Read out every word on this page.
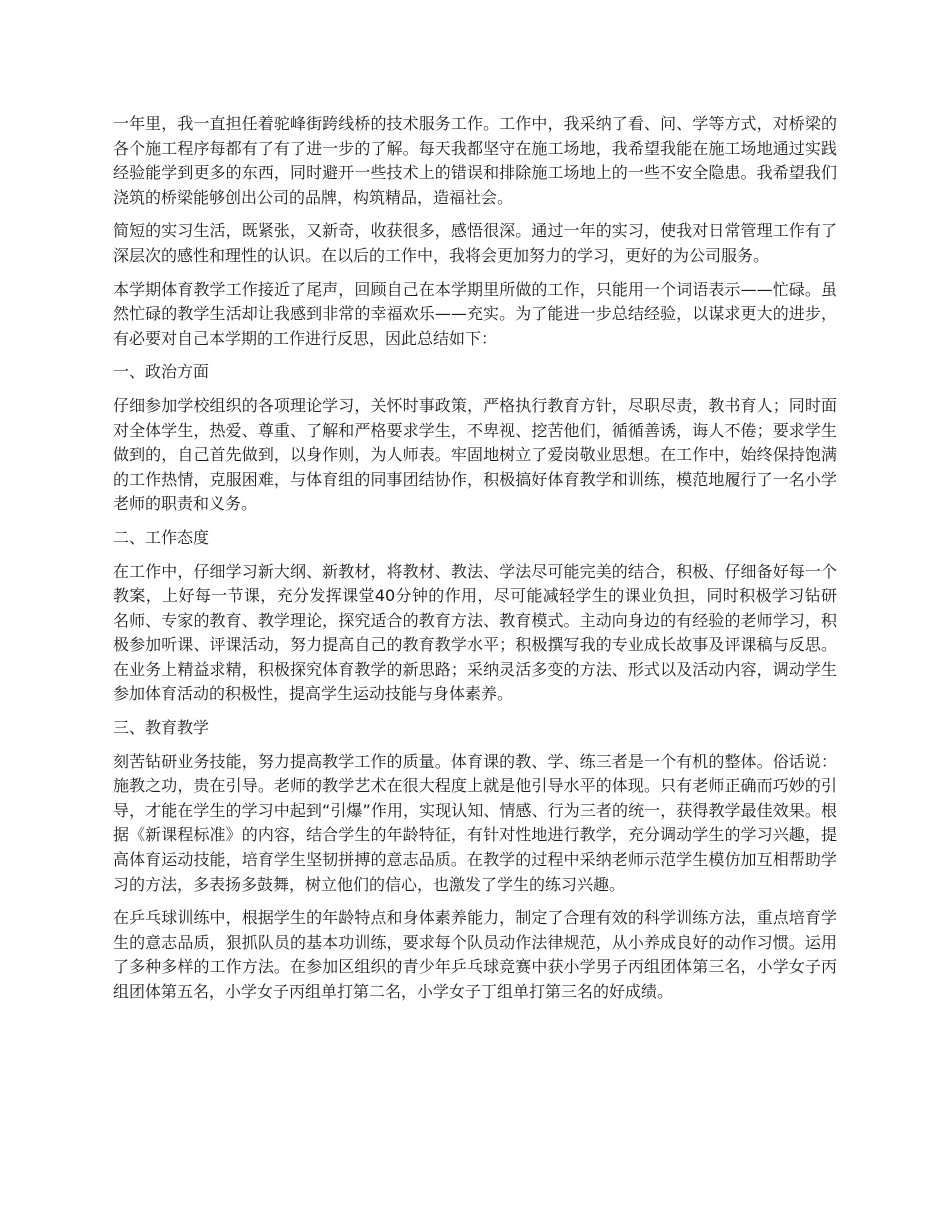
一年里，我一直担任着驼峰街跨线桥的技术服务工作。工作中，我采纳了看、问、学等方式，对桥梁的各个施工程序每都有了有了进一步的了解。每天我都坚守在施工场地，我希望我能在施工场地通过实践经验能学到更多的东西，同时避开一些技术上的错误和排除施工场地上的一些不安全隐患。我希望我们浇筑的桥梁能够创出公司的品牌，构筑精品，造福社会。

简短的实习生活，既紧张，又新奇，收获很多，感悟很深。通过一年的实习，使我对日常管理工作有了深层次的感性和理性的认识。在以后的工作中，我将会更加努力的学习，更好的为公司服务。

本学期体育教学工作接近了尾声，回顾自己在本学期里所做的工作，只能用一个词语表示——忙碌。虽然忙碌的教学生活却让我感到非常的幸福欢乐——充实。为了能进一步总结经验，以谋求更大的进步，有必要对自己本学期的工作进行反思，因此总结如下：

一、政治方面

仔细参加学校组织的各项理论学习，关怀时事政策，严格执行教育方针，尽职尽责，教书育人；同时面对全体学生，热爱、尊重、了解和严格要求学生，不卑视、挖苦他们，循循善诱，诲人不倦；要求学生做到的，自己首先做到，以身作则，为人师表。牢固地树立了爱岗敬业思想。在工作中，始终保持饱满的工作热情，克服困难，与体育组的同事团结协作，积极搞好体育教学和训练，模范地履行了一名小学老师的职责和义务。

二、工作态度

在工作中，仔细学习新大纲、新教材，将教材、教法、学法尽可能完美的结合，积极、仔细备好每一个教案，上好每一节课，充分发挥课堂40分钟的作用，尽可能减轻学生的课业负担，同时积极学习钻研名师、专家的教育、教学理论，探究适合的教育方法、教育模式。主动向身边的有经验的老师学习，积极参加听课、评课活动，努力提高自己的教育教学水平；积极撰写我的专业成长故事及评课稿与反思。在业务上精益求精，积极探究体育教学的新思路；采纳灵活多变的方法、形式以及活动内容，调动学生参加体育活动的积极性，提高学生运动技能与身体素养。

三、教育教学

刻苦钻研业务技能，努力提高教学工作的质量。体育课的教、学、练三者是一个有机的整体。俗话说：施教之功，贵在引导。老师的教学艺术在很大程度上就是他引导水平的体现。只有老师正确而巧妙的引导，才能在学生的学习中起到“引爆”作用，实现认知、情感、行为三者的统一，获得教学最佳效果。根据《新课程标准》的内容，结合学生的年龄特征，有针对性地进行教学，充分调动学生的学习兴趣，提高体育运动技能，培育学生坚韧拼搏的意志品质。在教学的过程中采纳老师示范学生模仿加互相帮助学习的方法，多表扬多鼓舞，树立他们的信心，也激发了学生的练习兴趣。

在乒乓球训练中，根据学生的年龄特点和身体素养能力，制定了合理有效的科学训练方法，重点培育学生的意志品质，狠抓队员的基本功训练，要求每个队员动作法律规范，从小养成良好的动作习惯。运用了多种多样的工作方法。在参加区组织的青少年乒乓球竞赛中获小学男子丙组团体第三名，小学女子丙组团体第五名，小学女子丙组单打第二名，小学女子丁组单打第三名的好成绩。
